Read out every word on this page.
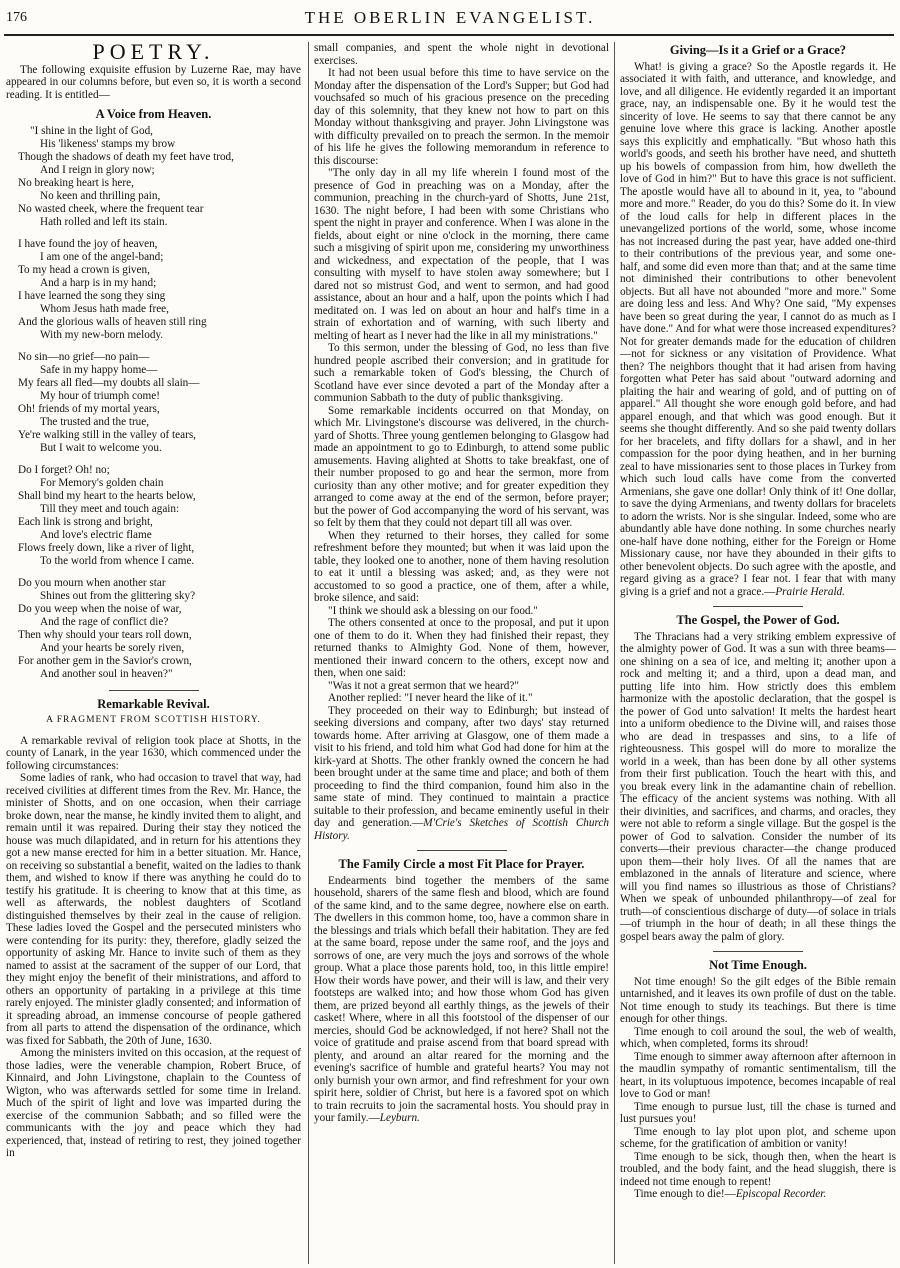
176	THE OBERLIN EVANGELIST.
POETRY.

The following exquisite effusion by Luzerne Rae, may have appeared in our columns before, but even so, it is worth a second reading. It is entitled—

A Voice from Heaven.
"I shine in the light of God,
His 'likeness' stamps my brow
Though the shadows of death my feet have trod,
And I reign in glory now;
No breaking heart is here,
No keen and thrilling pain,
No wasted cheek, where the frequent tear
Hath rolled and left its stain.
I have found the joy of heaven,
I am one of the angel-band;
To my head a crown is given,
And a harp is in my hand;
I have learned the song they sing
Whom Jesus hath made free,
And the glorious walls of heaven still ring
With my new-born melody.
No sin—no grief—no pain—
Safe in my happy home—
My fears all fled—my doubts all slain—
My hour of triumph come!
Oh! friends of my mortal years,
The trusted and the true,
Ye're walking still in the valley of tears,
But I wait to welcome you.
Do I forget? Oh! no;
For Memory's golden chain
Shall bind my heart to the hearts below,
Till they meet and touch again:
Each link is strong and bright,
And love's electric flame
Flows freely down, like a river of light,
To the world from whence I came.
Do you mourn when another star
Shines out from the glittering sky?
Do you weep when the noise of war,
And the rage of conflict die?
Then why should your tears roll down,
And your hearts be sorely riven,
For another gem in the Savior's crown,
And another soul in heaven?"
Remarkable Revival.
A FRAGMENT FROM SCOTTISH HISTORY.

A remarkable revival of religion took place at Shotts, in the county of Lanark, in the year 1630, which commenced under the following circumstances:

Some ladies of rank, who had occasion to travel that way, had received civilities at different times from the Rev. Mr. Hance, the minister of Shotts, and on one occasion, when their carriage broke down, near the manse, he kindly invited them to alight, and remain until it was repaired. During their stay they noticed the house was much dilapidated, and in return for his attentions they got a new manse erected for him in a better situation. Mr. Hance, on receiving so substantial a benefit, waited on the ladies to thank them, and wished to know if there was anything he could do to testify his gratitude. It is cheering to know that at this time, as well as afterwards, the noblest daughters of Scotland distinguished themselves by their zeal in the cause of religion. These ladies loved the Gospel and the persecuted ministers who were contending for its purity: they, therefore, gladly seized the opportunity of asking Mr. Hance to invite such of them as they named to assist at the sacrament of the supper of our Lord, that they might enjoy the benefit of their ministrations, and afford to others an opportunity of partaking in a privilege at this time rarely enjoyed. The minister gladly consented; and information of it spreading abroad, an immense concourse of people gathered from all parts to attend the dispensation of the ordinance, which was fixed for Sabbath, the 20th of June, 1630.

Among the ministers invited on this occasion, at the request of those ladies, were the venerable champion, Robert Bruce, of Kinnaird, and John Livingstone, chaplain to the Countess of Wigton, who was afterwards settled for some time in Ireland. Much of the spirit of light and love was imparted during the exercise of the communion Sabbath; and so filled were the communicants with the joy and peace which they had experienced, that, instead of retiring to rest, they joined together in

small companies, and spent the whole night in devotional exercises.

It had not been usual before this time to have service on the Monday after the dispensation of the Lord's Supper; but God had vouchsafed so much of his gracious presence on the preceding day of this solemnity, that they knew not how to part on this Monday without thanksgiving and prayer. John Livingstone was with difficulty prevailed on to preach the sermon. In the memoir of his life he gives the following memorandum in reference to this discourse:

"The only day in all my life wherein I found most of the presence of God in preaching was on a Monday, after the communion, preaching in the church-yard of Shotts, June 21st, 1630. The night before, I had been with some Christians who spent the night in prayer and conference. When I was alone in the fields, about eight or nine o'clock in the morning, there came such a misgiving of spirit upon me, considering my unworthiness and wickedness, and expectation of the people, that I was consulting with myself to have stolen away somewhere; but I dared not so mistrust God, and went to sermon, and had good assistance, about an hour and a half, upon the points which I had meditated on. I was led on about an hour and half's time in a strain of exhortation and of warning, with such liberty and melting of heart as I never had the like in all my ministrations."

To this sermon, under the blessing of God, no less than five hundred people ascribed their conversion; and in gratitude for such a remarkable token of God's blessing, the Church of Scotland have ever since devoted a part of the Monday after a communion Sabbath to the duty of public thanksgiving.

Some remarkable incidents occurred on that Monday, on which Mr. Livingstone's discourse was delivered, in the church-yard of Shotts. Three young gentlemen belonging to Glasgow had made an appointment to go to Edinburgh, to attend some public amusements. Having alighted at Shotts to take breakfast, one of their number proposed to go and hear the sermon, more from curiosity than any other motive; and for greater expedition they arranged to come away at the end of the sermon, before prayer; but the power of God accompanying the word of his servant, was so felt by them that they could not depart till all was over.

When they returned to their horses, they called for some refreshment before they mounted; but when it was laid upon the table, they looked one to another, none of them having resolution to eat it until a blessing was asked; and, as they were not accustomed to so good a practice, one of them, after a while, broke silence, and said:

"I think we should ask a blessing on our food."

The others consented at once to the proposal, and put it upon one of them to do it. When they had finished their repast, they returned thanks to Almighty God. None of them, however, mentioned their inward concern to the others, except now and then, when one said:

"Was it not a great sermon that we heard?"

Another replied: "I never heard the like of it."

They proceeded on their way to Edinburgh; but instead of seeking diversions and company, after two days' stay returned towards home. After arriving at Glasgow, one of them made a visit to his friend, and told him what God had done for him at the kirk-yard at Shotts. The other frankly owned the concern he had been brought under at the same time and place; and both of them proceeding to find the third companion, found him also in the same state of mind. They continued to maintain a practice suitable to their profession, and became eminently useful in their day and generation.—M'Crie's Sketches of Scottish Church History.

The Family Circle a most Fit Place for Prayer.

Endearments bind together the members of the same household, sharers of the same flesh and blood, which are found of the same kind, and to the same degree, nowhere else on earth. The dwellers in this common home, too, have a common share in the blessings and trials which befall their habitation. They are fed at the same board, repose under the same roof, and the joys and sorrows of one, are very much the joys and sorrows of the whole group. What a place those parents hold, too, in this little empire! How their words have power, and their will is law, and their very footsteps are walked into; and how those whom God has given them, are prized beyond all earthly things, as the jewels of their casket! Where, where in all this footstool of the dispenser of our mercies, should God be acknowledged, if not here? Shall not the voice of gratitude and praise ascend from that board spread with plenty, and around an altar reared for the morning and the evening's sacrifice of humble and grateful hearts? You may not only burnish your own armor, and find refreshment for your own spirit here, soldier of Christ, but here is a favored spot on which to train recruits to join the sacramental hosts. You should pray in your family.—Leyburn.

Giving—Is it a Grief or a Grace?

What! is giving a grace? So the Apostle regards it. He associated it with faith, and utterance, and knowledge, and love, and all diligence. He evidently regarded it an important grace, nay, an indispensable one. By it he would test the sincerity of love. He seems to say that there cannot be any genuine love where this grace is lacking. Another apostle says this explicitly and emphatically. "But whoso hath this world's goods, and seeth his brother have need, and shutteth up his bowels of compassion from him, how dwelleth the love of God in him?" But to have this grace is not sufficient. The apostle would have all to abound in it, yea, to "abound more and more." Reader, do you do this? Some do it. In view of the loud calls for help in different places in the unevangelized portions of the world, some, whose income has not increased during the past year, have added one-third to their contributions of the previous year, and some one-half, and some did even more than that; and at the same time not diminished their contributions to other benevolent objects. But all have not abounded "more and more." Some are doing less and less. And Why? One said, "My expenses have been so great during the year, I cannot do as much as I have done." And for what were those increased expenditures? Not for greater demands made for the education of children—not for sickness or any visitation of Providence. What then? The neighbors thought that it had arisen from having forgotten what Peter has said about "outward adorning and plaiting the hair and wearing of gold, and of putting on of apparel." All thought she wore enough gold before, and had apparel enough, and that which was good enough. But it seems she thought differently. And so she paid twenty dollars for her bracelets, and fifty dollars for a shawl, and in her compassion for the poor dying heathen, and in her burning zeal to have missionaries sent to those places in Turkey from which such loud calls have come from the converted Armenians, she gave one dollar! Only think of it! One dollar, to save the dying Armenians, and twenty dollars for bracelets to adorn the wrists. Nor is she singular. Indeed, some who are abundantly able have done nothing. In some churches nearly one-half have done nothing, either for the Foreign or Home Missionary cause, nor have they abounded in their gifts to other benevolent objects. Do such agree with the apostle, and regard giving as a grace? I fear not. I fear that with many giving is a grief and not a grace.—Prairie Herald.

The Gospel, the Power of God.

The Thracians had a very striking emblem expressive of the almighty power of God. It was a sun with three beams—one shining on a sea of ice, and melting it; another upon a rock and melting it; and a third, upon a dead man, and putting life into him. How strictly does this emblem harmonize with the apostolic declaration, that the gospel is the power of God unto salvation! It melts the hardest heart into a uniform obedience to the Divine will, and raises those who are dead in trespasses and sins, to a life of righteousness. This gospel will do more to moralize the world in a week, than has been done by all other systems from their first publication. Touch the heart with this, and you break every link in the adamantine chain of rebellion. The efficacy of the ancient systems was nothing. With all their divinities, and sacrifices, and charms, and oracles, they were not able to reform a single village. But the gospel is the power of God to salvation. Consider the number of its converts—their previous character—the change produced upon them—their holy lives. Of all the names that are emblazoned in the annals of literature and science, where will you find names so illustrious as those of Christians? When we speak of unbounded philanthropy—of zeal for truth—of conscientious discharge of duty—of solace in trials—of triumph in the hour of death; in all these things the gospel bears away the palm of glory.

Not Time Enough.

Not time enough! So the gilt edges of the Bible remain untarnished, and it leaves its own profile of dust on the table. Not time enough to study its teachings. But there is time enough for other things.

Time enough to coil around the soul, the web of wealth, which, when completed, forms its shroud!

Time enough to simmer away afternoon after afternoon in the maudlin sympathy of romantic sentimentalism, till the heart, in its voluptuous impotence, becomes incapable of real love to God or man!

Time enough to pursue lust, till the chase is turned and lust pursues you!

Time enough to lay plot upon plot, and scheme upon scheme, for the gratification of ambition or vanity!

Time enough to be sick, though then, when the heart is troubled, and the body faint, and the head sluggish, there is indeed not time enough to repent!

Time enough to die!—Episcopal Recorder.
